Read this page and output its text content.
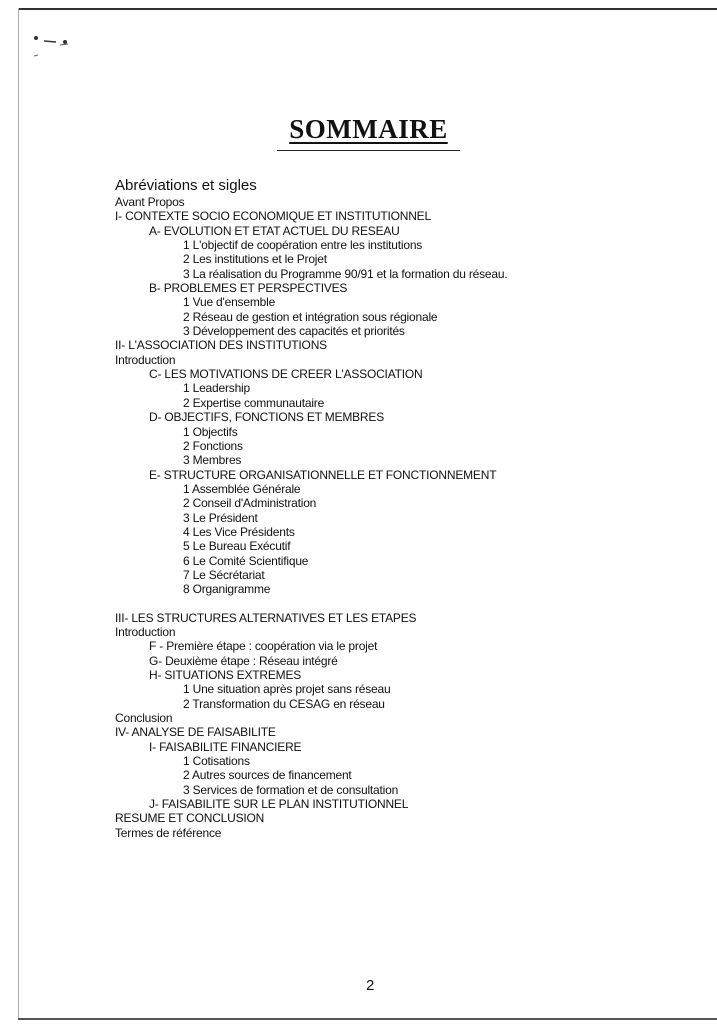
SOMMAIRE
Abréviations et sigles
Avant Propos
I- CONTEXTE SOCIO ECONOMIQUE ET INSTITUTIONNEL
A- EVOLUTION ET ETAT ACTUEL DU RESEAU
1 L'objectif de coopération entre les institutions
2 Les institutions et le Projet
3 La réalisation du Programme 90/91 et la formation du réseau.
B- PROBLEMES ET PERSPECTIVES
1 Vue d'ensemble
2 Réseau de gestion et intégration sous régionale
3 Développement des capacités et priorités
II- L'ASSOCIATION DES INSTITUTIONS
Introduction
C- LES MOTIVATIONS DE CREER L'ASSOCIATION
1 Leadership
2 Expertise communautaire
D- OBJECTIFS, FONCTIONS ET MEMBRES
1 Objectifs
2 Fonctions
3 Membres
E- STRUCTURE ORGANISATIONNELLE ET FONCTIONNEMENT
1 Assemblée Générale
2 Conseil d'Administration
3 Le Président
4 Les Vice Présidents
5 Le Bureau Exécutif
6 Le Comité Scientifique
7 Le Sécrétariat
8 Organigramme
III- LES STRUCTURES ALTERNATIVES ET LES ETAPES
Introduction
F - Première étape : coopération via le projet
G- Deuxième étape : Réseau intégré
H- SITUATIONS EXTREMES
1 Une situation après projet sans réseau
2 Transformation du CESAG en réseau
Conclusion
IV- ANALYSE DE FAISABILITE
I- FAISABILITE FINANCIERE
1 Cotisations
2 Autres sources de financement
3 Services de formation et de consultation
J- FAISABILITE SUR LE PLAN INSTITUTIONNEL
RESUME ET CONCLUSION
Termes de référence
2
